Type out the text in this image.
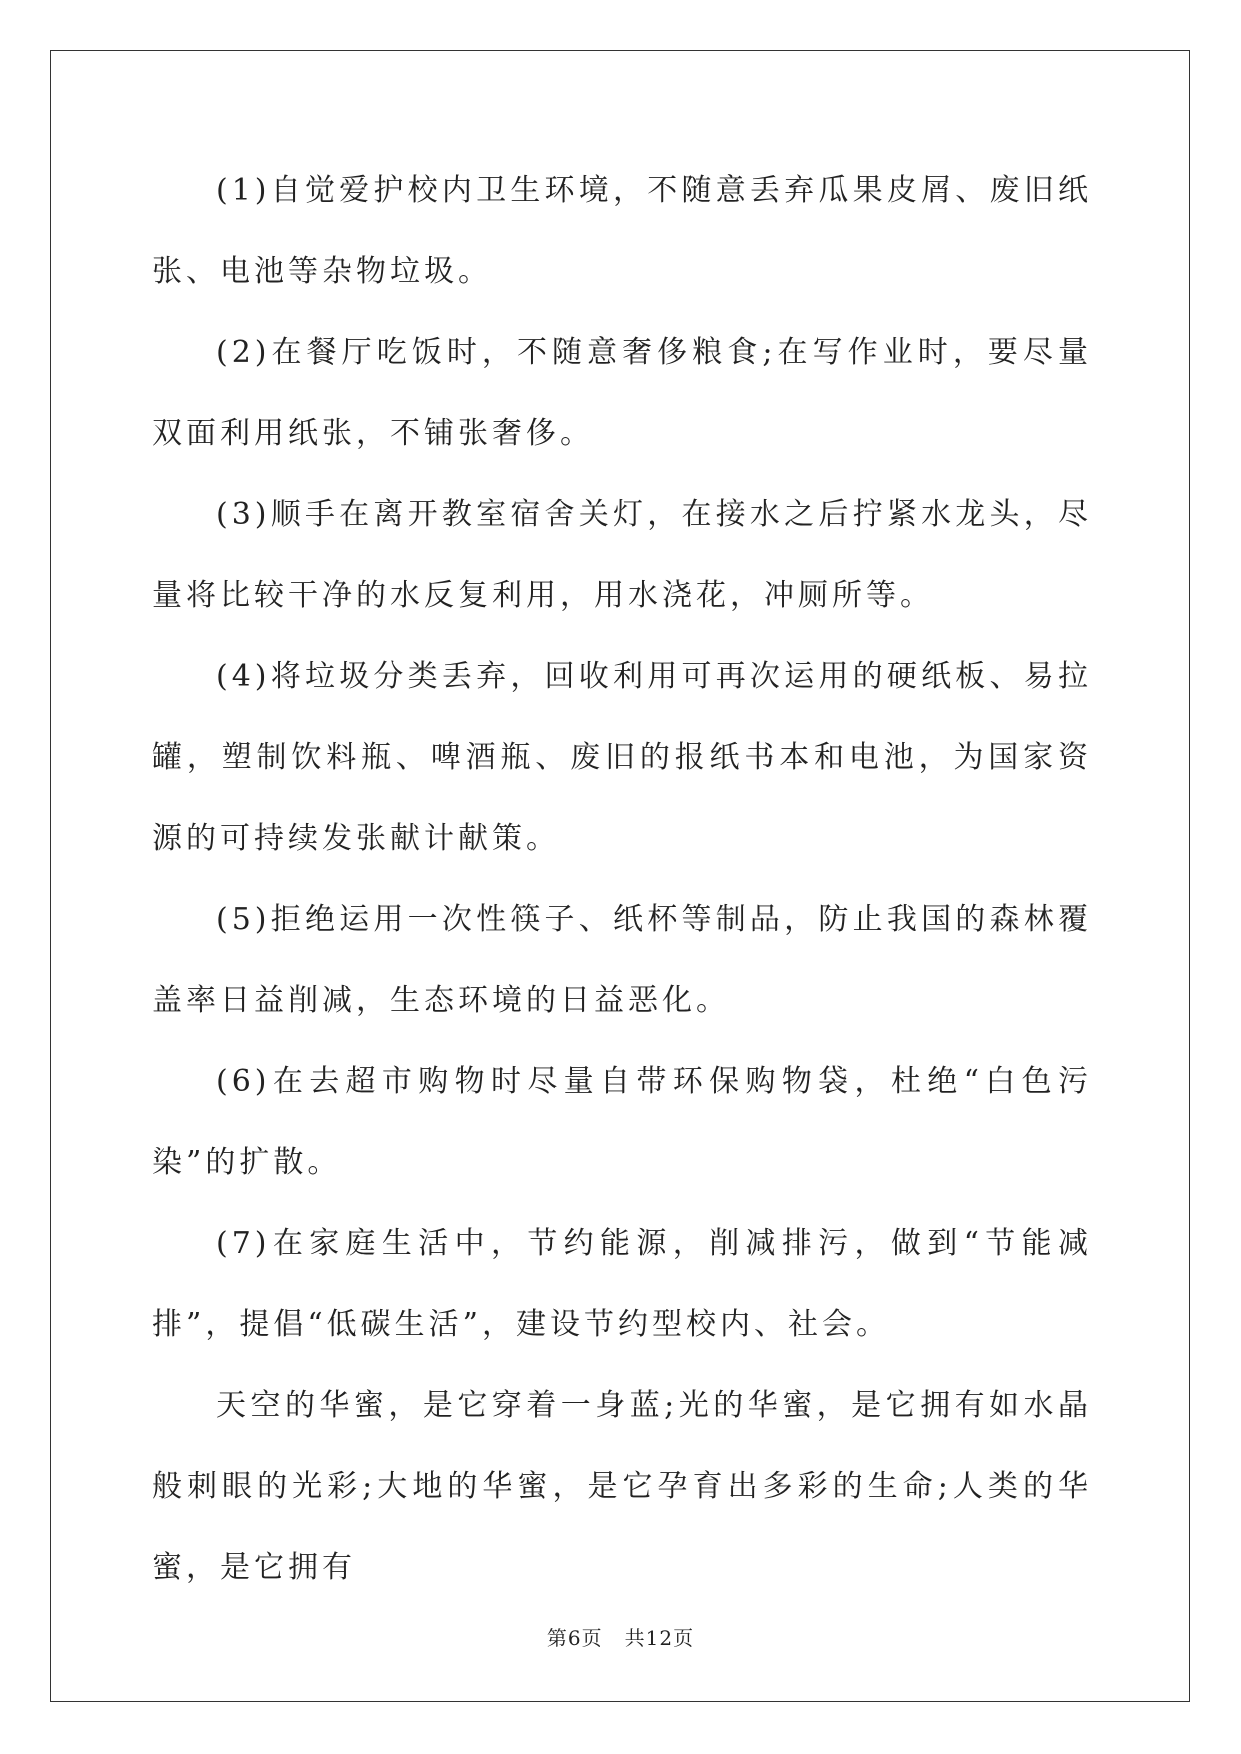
(1)自觉爱护校内卫生环境，不随意丢弃瓜果皮屑、废旧纸张、电池等杂物垃圾。

(2)在餐厅吃饭时，不随意奢侈粮食;在写作业时，要尽量双面利用纸张，不铺张奢侈。

(3)顺手在离开教室宿舍关灯，在接水之后拧紧水龙头，尽量将比较干净的水反复利用，用水浇花，冲厕所等。

(4)将垃圾分类丢弃，回收利用可再次运用的硬纸板、易拉罐，塑制饮料瓶、啤酒瓶、废旧的报纸书本和电池，为国家资源的可持续发张献计献策。

(5)拒绝运用一次性筷子、纸杯等制品，防止我国的森林覆盖率日益削减，生态环境的日益恶化。

(6)在去超市购物时尽量自带环保购物袋，杜绝“白色污染”的扩散。

(7)在家庭生活中，节约能源，削减排污，做到“节能减排”，提倡“低碳生活”，建设节约型校内、社会。

天空的华蜜，是它穿着一身蓝;光的华蜜，是它拥有如水晶般刺眼的光彩;大地的华蜜，是它孕育出多彩的生命;人类的华蜜，是它拥有

第6页 共12页
